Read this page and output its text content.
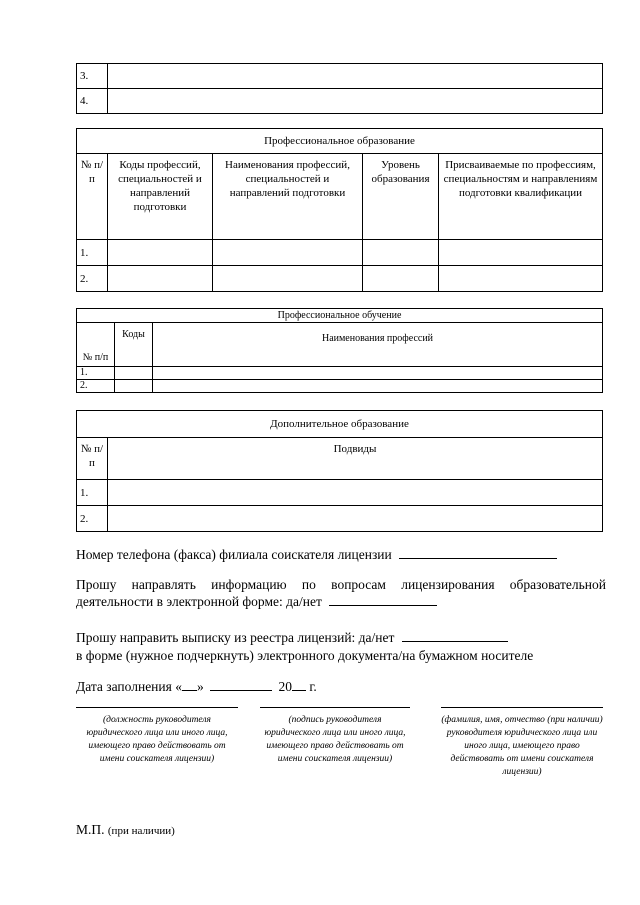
3.	
4.	
Профессиональное образование				
№ п/п	Коды профессий, специальностей и направлений подготовки	Наименования профессий, специальностей и направлений подготовки	Уровень образования	Присваиваемые по профессиям, специальностям и направлениям подготовки квалификации
1.				
2.				
Профессиональное обучение		
№ п/п	Коды	Наименования профессий
1.		
2.		
Дополнительное образование	
№ п/п	Подвиды
1.	
2.	
Номер телефона (факса) филиала соискателя лицензии
Прошу направлять информацию по вопросам лицензирования образовательной
деятельности в электронной форме: да/нет
Прошу направить выписку из реестра лицензий: да/нет
в форме (нужное подчеркнуть) электронного документа/на бумажном носителе
Дата заполнения « »	20 г.
(должность руководителя юридического лица или иного лица, имеющего право действовать от имени соискателя лицензии)
(подпись руководителя юридического лица или иного лица, имеющего право действовать от имени соискателя лицензии)
(фамилия, имя, отчество (при наличии) руководителя юридического лица или иного лица, имеющего право действовать от имени соискателя лицензии)
М.П. (при наличии)
